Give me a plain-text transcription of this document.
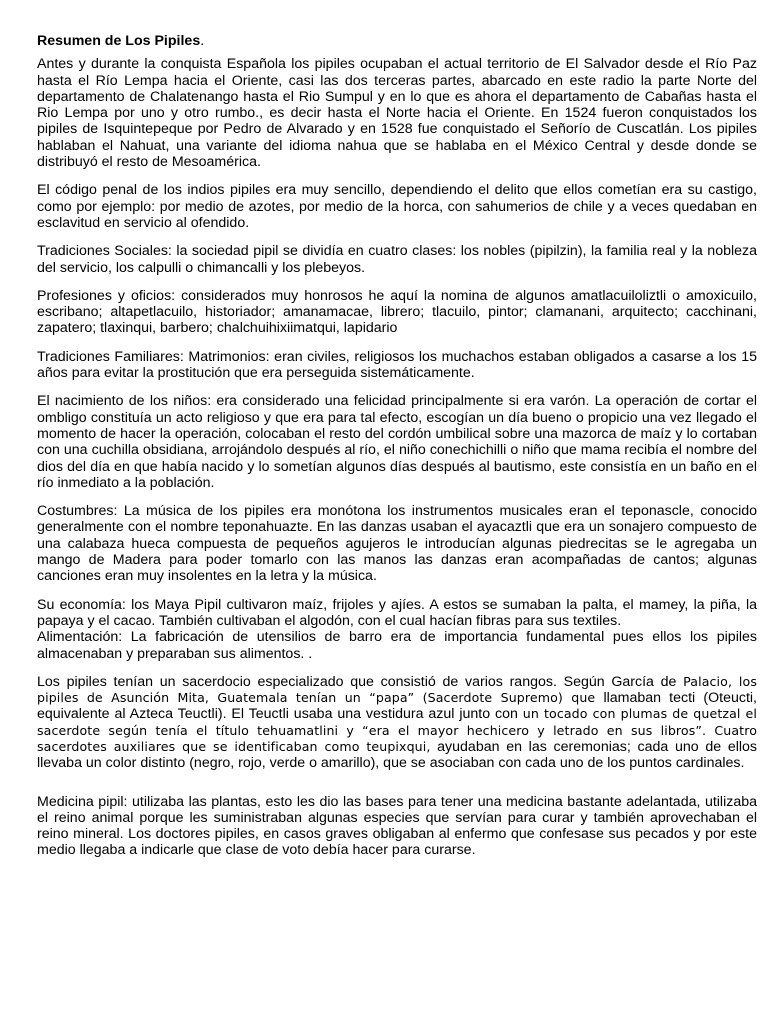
Resumen de Los Pipiles.

Antes y durante la conquista Española los pipiles ocupaban el actual territorio de El Salvador desde el Río Paz hasta el Río Lempa hacia el Oriente, casi las dos terceras partes, abarcado en este radio la parte Norte del departamento de Chalatenango hasta el Rio Sumpul y en lo que es ahora el departamento de Cabañas hasta el Rio Lempa por uno y otro rumbo., es decir hasta el Norte hacia el Oriente. En 1524 fueron conquistados los pipiles de Isquintepeque por Pedro de Alvarado y en 1528 fue conquistado el Señorío de Cuscatlán. Los pipiles hablaban el Nahuat, una variante del idioma nahua que se hablaba en el México Central y desde donde se distribuyó el resto de Mesoamérica.

El código penal de los indios pipiles era muy sencillo, dependiendo el delito que ellos cometían era su castigo, como por ejemplo: por medio de azotes, por medio de la horca, con sahumerios de chile y a veces quedaban en esclavitud en servicio al ofendido.

Tradiciones Sociales: la sociedad pipil se dividía en cuatro clases: los nobles (pipilzin), la familia real y la nobleza del servicio, los calpulli o chimancalli y los plebeyos.

Profesiones y oficios: considerados muy honrosos he aquí la nomina de algunos amatlacuiloliztli o amoxicuilo, escribano; altapetlacuilo, historiador; amanamacae, librero; tlacuilo, pintor; clamanani, arquitecto; cacchinani, zapatero; tlaxinqui, barbero; chalchuihixiimatqui, lapidario

Tradiciones Familiares: Matrimonios: eran civiles, religiosos los muchachos estaban obligados a casarse a los 15 años para evitar la prostitución que era perseguida sistemáticamente.

El nacimiento de los niños: era considerado una felicidad principalmente si era varón. La operación de cortar el ombligo constituía un acto religioso y que era para tal efecto, escogían un día bueno o propicio una vez llegado el momento de hacer la operación, colocaban el resto del cordón umbilical sobre una mazorca de maíz y lo cortaban con una cuchilla obsidiana, arrojándolo después al río, el niño conechichilli o niño que mama recibía el nombre del dios del día en que había nacido y lo sometían algunos días después al bautismo, este consistía en un baño en el río inmediato a la población.

Costumbres: La música de los pipiles era monótona los instrumentos musicales eran el teponascle, conocido generalmente con el nombre teponahuazte. En las danzas usaban el ayacaztli que era un sonajero compuesto de una calabaza hueca compuesta de pequeños agujeros le introducían algunas piedrecitas se le agregaba un mango de Madera para poder tomarlo con las manos las danzas eran acompañadas de cantos; algunas canciones eran muy insolentes en la letra y la música.

Su economía: los Maya Pipil cultivaron maíz, frijoles y ajíes. A estos se sumaban la palta, el mamey, la piña, la papaya y el cacao. También cultivaban el algodón, con el cual hacían fibras para sus textiles.

Alimentación: La fabricación de utensilios de barro era de importancia fundamental pues ellos los pipiles almacenaban y preparaban sus alimentos. .

Los pipiles tenían un sacerdocio especializado que consistió de varios rangos. Según García de Palacio, los pipiles de Asunción Mita, Guatemala tenían un “papa” (Sacerdote Supremo) que llamaban tecti (Oteucti, equivalente al Azteca Teuctli). El Teuctli usaba una vestidura azul junto con un tocado con plumas de quetzal el sacerdote según tenía el título tehuamatlini y “era el mayor hechicero y letrado en sus libros”. Cuatro sacerdotes auxiliares que se identificaban como teupixqui, ayudaban en las ceremonias; cada uno de ellos llevaba un color distinto (negro, rojo, verde o amarillo), que se asociaban con cada uno de los puntos cardinales.

Medicina pipil: utilizaba las plantas, esto les dio las bases para tener una medicina bastante adelantada, utilizaba el reino animal porque les suministraban algunas especies que servían para curar y también aprovechaban el reino mineral. Los doctores pipiles, en casos graves obligaban al enfermo que confesase sus pecados y por este medio llegaba a indicarle que clase de voto debía hacer para curarse.
